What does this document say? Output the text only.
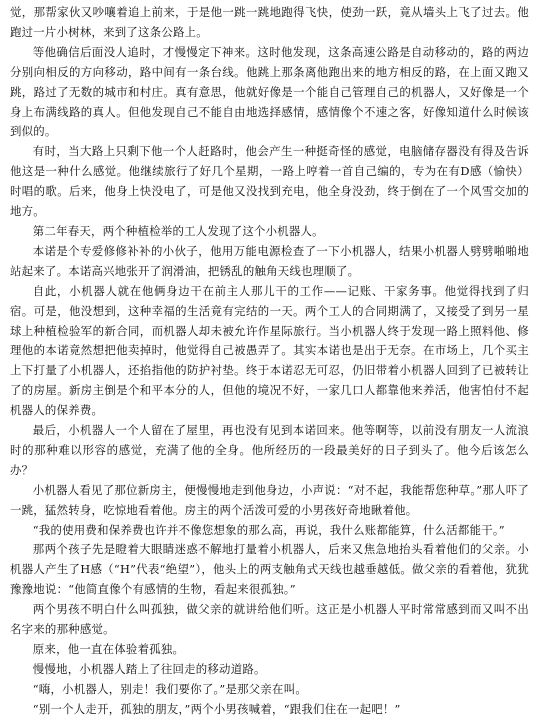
觉，那帮家伙又吵嚷着追上前来，于是他一跳一跳地跑得飞快，使劲一跃，竟从墙头上飞了过去。他跑过一片小树林，来到了这条公路上。

等他确信后面没人追时，才慢慢定下神来。这时他发现，这条高速公路是自动移动的，路的两边分别向相反的方向移动，路中间有一条台线。他跳上那条离他跑出来的地方相反的路，在上面又跑又跳，路过了无数的城市和村庄。真有意思，他就好像是一个能自己管理自己的机器人，又好像是一个身上布满线路的真人。但他发现自己不能自由地选择感情，感情像个不速之客，好像知道什么时候该到似的。

有时，当大路上只剩下他一个人赶路时，他会产生一种挺奇怪的感觉，电脑储存器没有得及告诉他这是一种什么感觉。他继续旅行了好几个星期，一路上哼着一首自己编的，专为在有D感（愉快）时唱的歌。后来，他身上快没电了，可是他又没找到充电，他全身没劲，终于倒在了一个风雪交加的地方。

第二年春天，两个种植检举的工人发现了这个小机器人。

本诺是个专爱修修补补的小伙子，他用万能电源检查了一下小机器人，结果小机器人劈劈啪啪地站起来了。本诺高兴地张开了润滑油，把锈乱的触角天线也理顺了。

自此，小机器人就在他俩身边干在前主人那儿干的工作——记账、干家务事。他觉得找到了归宿。可是，他没想到，这种幸福的生活竟有完结的一天。两个工人的合同期满了，又接受了到另一星球上种植检验军的新合同，而机器人却未被允许作星际旅行。当小机器人终于发现一路上照料他、修理他的本诺竟然想把他卖掉时，他觉得自己被愚弄了。其实本诺也是出于无奈。在市场上，几个买主上下打量了小机器人，还掐指他的防护衬垫。终于本诺忍无可忍，仍旧带着小机器人回到了已被转让了的房屋。新房主倒是个和平本分的人，但他的境况不好，一家几口人都靠他来养活，他害怕付不起机器人的保养费。

最后，小机器人一个人留在了屋里，再也没有见到本诺回来。他等啊等，以前没有朋友一人流浪时的那种难以形容的感觉，充满了他的全身。他所经历的一段最美好的日子到头了。他今后该怎么办？

小机器人看见了那位新房主，便慢慢地走到他身边，小声说：“对不起，我能帮您种草。”那人吓了一跳，猛然转身，吃惊地看着他。房主的两个活泼可爱的小男孩好奇地瞅着他。

“我的使用费和保养费也许并不像您想象的那么高，再说，我什么账都能算，什么活都能干。”

那两个孩子先是瞪着大眼睛迷惑不解地打量着小机器人，后来又焦急地抬头看着他们的父亲。小机器人产生了H感（“H”代表“绝望”），他头上的两支触角式天线也越垂越低。做父亲的看着他，犹犹豫豫地说：“他简直像个有感情的生物，看起来很孤独。”

两个男孩不明白什么叫孤独，做父亲的就讲给他们听。这正是小机器人平时常常感到而又叫不出名字来的那种感觉。

原来，他一直在体验着孤独。

慢慢地，小机器人踏上了往回走的移动道路。

“嗨，小机器人，别走！我们要你了。”是那父亲在叫。

“别一个人走开，孤独的朋友，”两个小男孩喊着，“跟我们住在一起吧！”
